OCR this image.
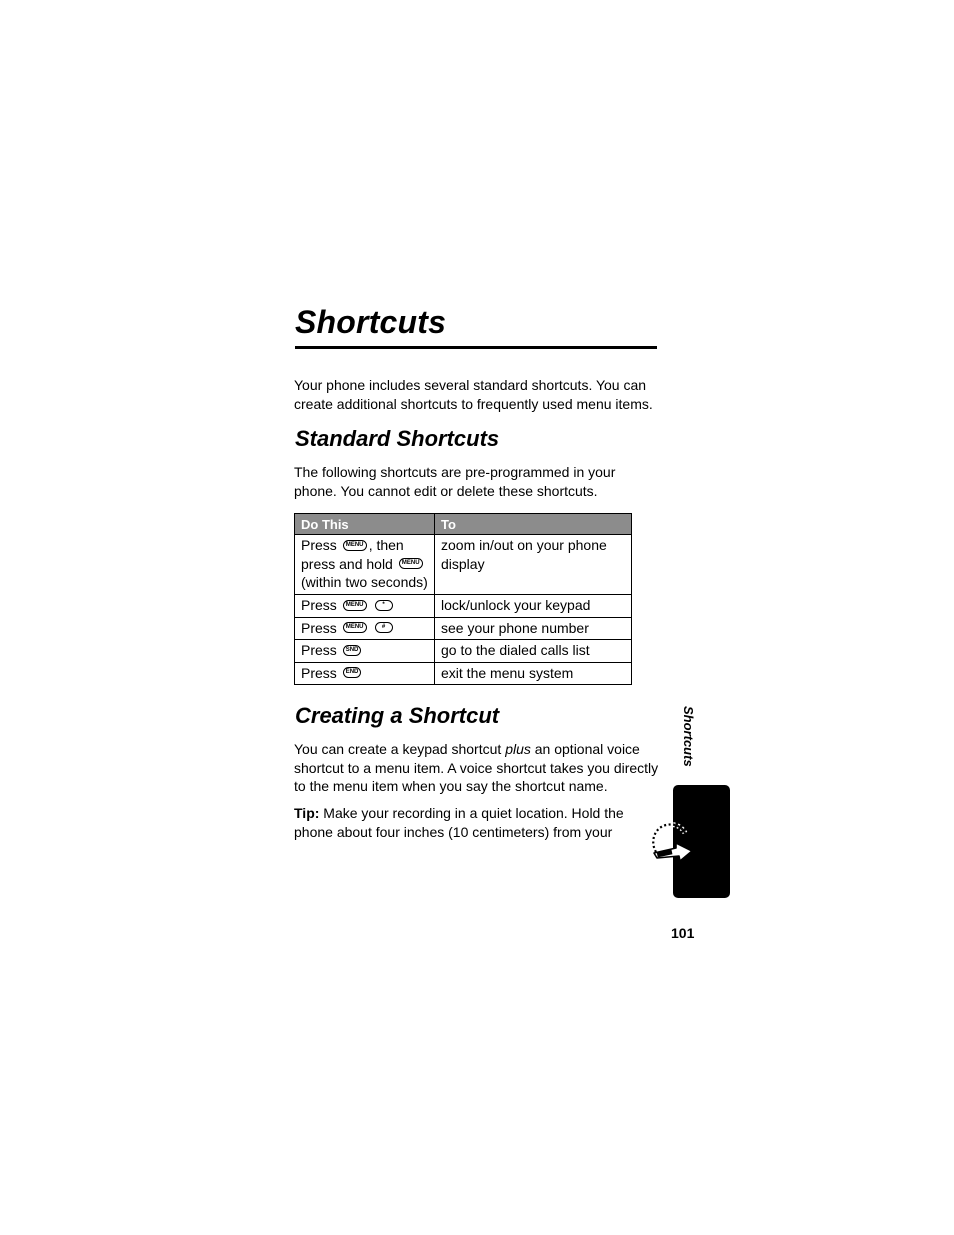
Shortcuts

Your phone includes several standard shortcuts. You can create additional shortcuts to frequently used menu items.

Standard Shortcuts

The following shortcuts are pre-programmed in your phone. You cannot edit or delete these shortcuts.

Do This	To
Press MENU , then press and hold MENU (within two seconds)	zoom in/out on your phone display
Press MENU *	lock/unlock your keypad
Press MENU #	see your phone number
Press SND	go to the dialed calls list
Press END	exit the menu system
Creating a Shortcut

You can create a keypad shortcut plus an optional voice shortcut to a menu item. A voice shortcut takes you directly to the menu item when you say the shortcut name.

Tip: Make your recording in a quiet location. Hold the phone about four inches (10 centimeters) from your

Shortcuts
101
